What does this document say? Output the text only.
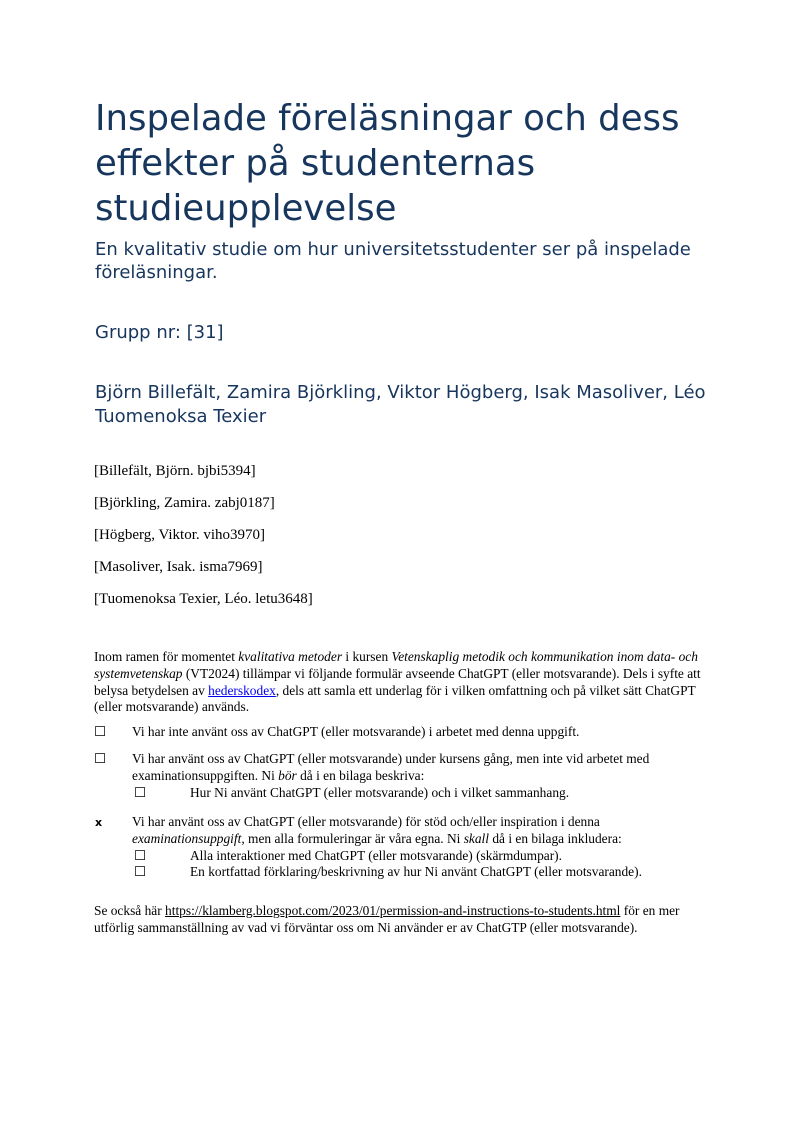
Inspelade föreläsningar och dess effekter på studenternas studieupplevelse

En kvalitativ studie om hur universitetsstudenter ser på inspelade föreläsningar.

Grupp nr: [31]

Björn Billefält, Zamira Björkling, Viktor Högberg, Isak Masoliver, Léo Tuomenoksa Texier

[Billefält, Björn. bjbi5394]
[Björkling, Zamira. zabj0187]
[Högberg, Viktor. viho3970]
[Masoliver, Isak. isma7969]
[Tuomenoksa Texier, Léo. letu3648]

Inom ramen för momentet kvalitativa metoder i kursen Vetenskaplig metodik och kommunikation inom data- och systemvetenskap (VT2024) tillämpar vi följande formulär avseende ChatGPT (eller motsvarande). Dels i syfte att belysa betydelsen av hederskodex, dels att samla ett underlag för i vilken omfattning och på vilket sätt ChatGPT (eller motsvarande) används.

☐	Vi har inte använt oss av ChatGPT (eller motsvarande) i arbetet med denna uppgift.
☐	Vi har använt oss av ChatGPT (eller motsvarande) under kursens gång, men inte vid arbetet med examinationsuppgiften. Ni bör då i en bilaga beskriva:
☐	Hur Ni använt ChatGPT (eller motsvarande) och i vilket sammanhang.
x	Vi har använt oss av ChatGPT (eller motsvarande) för stöd och/eller inspiration i denna examinationsuppgift, men alla formuleringar är våra egna. Ni skall då i en bilaga inkludera:
☐	Alla interaktioner med ChatGPT (eller motsvarande) (skärmdumpar).
☐	En kortfattad förklaring/beskrivning av hur Ni använt ChatGPT (eller motsvarande).

Se också här https://klamberg.blogspot.com/2023/01/permission-and-instructions-to-students.html för en mer utförlig sammanställning av vad vi förväntar oss om Ni använder er av ChatGTP (eller motsvarande).
